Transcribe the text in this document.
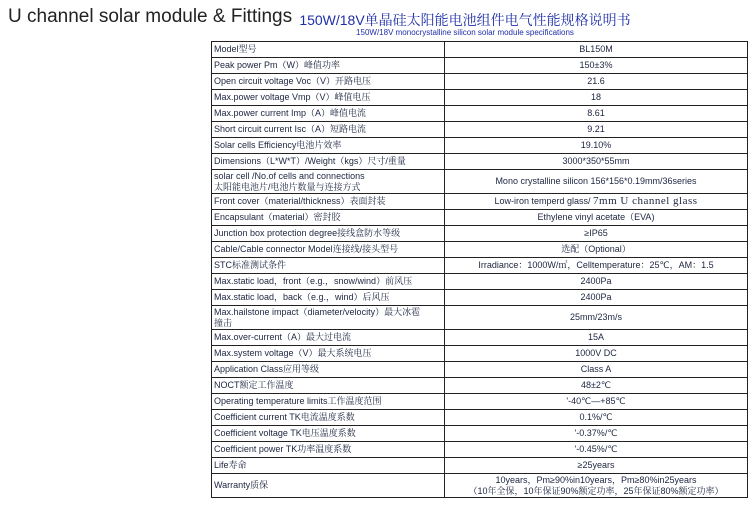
U channel solar module & Fittings 150W/18V单晶硅太阳能电池组件电气性能规格说明书
150W/18V monocrystalline silicon solar module specifications
Model型号	BL150M
Peak power Pm（W）峰值功率	150±3%
Open circuit voltage Voc（V）开路电压	21.6
Max.power voltage Vmp（V）峰值电压	18
Max.power current Imp（A）峰值电流	8.61
Short circuit current Isc（A）短路电流	9.21
Solar cells Efficiency电池片效率	19.10%
Dimensions（L*W*T）/Weight（kgs）尺寸/重量	3000*350*55mm
solar cell /No.of cells and connections
太阳能电池片/电池片数量与连接方式	Mono crystalline silicon 156*156*0.19mm/36series
Front cover（material/thickness）表面封装	Low-iron temperd glass/ 7mm U channel glass
Encapsulant（material）密封胶	Ethylene vinyl acetate（EVA)
Junction box protection degree接线盒防水等级	≥IP65
Cable/Cable connector Model连接线/接头型号	选配（Optional）
STC标准测试条件	Irradiance：1000W/㎡，Celltemperature：25℃，AM：1.5
Max.static load，front（e.g.，snow/wind）前风压	2400Pa
Max.static load，back（e.g.，wind）后风压	2400Pa
Max.hailstone impact（diameter/velocity）最大冰雹
撞击	25mm/23m/s
Max.over-current（A）最大过电流	15A
Max.system voltage（V）最大系统电压	1000V DC
Application Class应用等级	Class A
NOCT额定工作温度	48±2℃
Operating temperature limits工作温度范围	'-40℃—+85℃
Coefficient current TK电流温度系数	0.1%/℃
Coefficient voltage TK电压温度系数	'-0.37%/℃
Coefficient power TK功率温度系数	'-0.45%/℃
Life寿命	≥25years
Warranty质保	10years，Pm≥90%in10years，Pm≥80%in25years
（10年全保，10年保证90%额定功率，25年保证80%额定功率）
